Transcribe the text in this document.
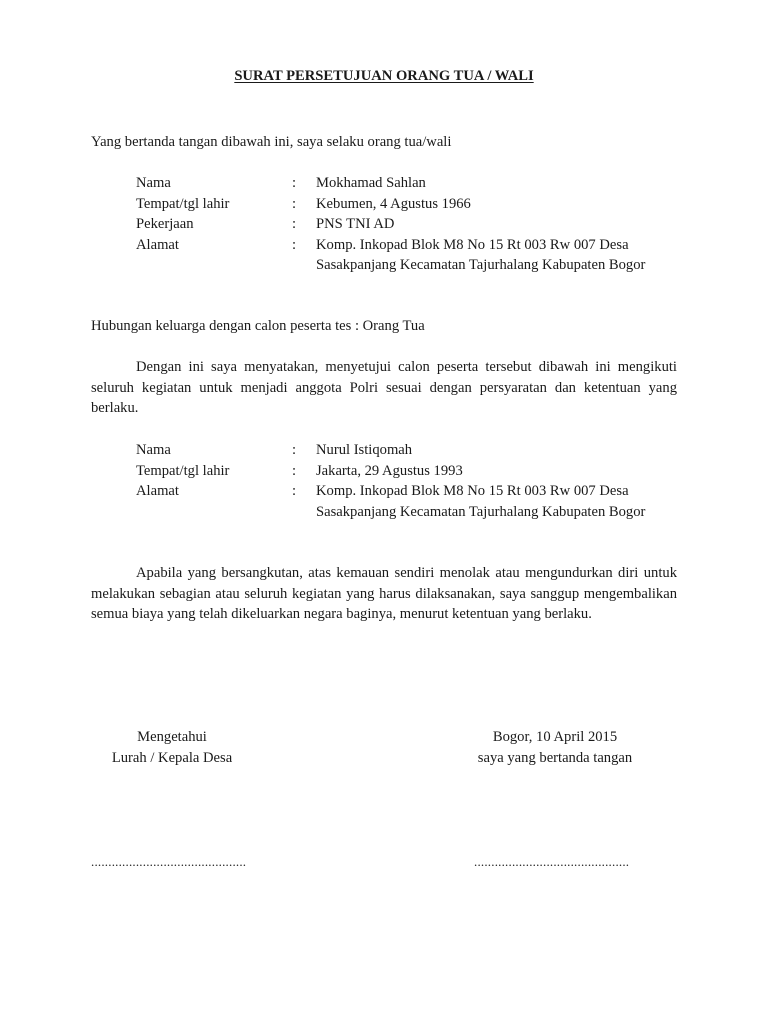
SURAT PERSETUJUAN ORANG TUA / WALI
Yang bertanda tangan dibawah ini, saya selaku orang tua/wali
Nama	:	Mokhamad Sahlan
Tempat/tgl lahir	:	Kebumen, 4 Agustus 1966
Pekerjaan	:	PNS TNI AD
Alamat	:	Komp. Inkopad Blok M8 No 15 Rt 003 Rw 007 Desa
Sasakpanjang Kecamatan Tajurhalang Kabupaten Bogor
Hubungan keluarga dengan calon peserta tes : Orang Tua
Dengan ini saya menyatakan, menyetujui calon peserta tersebut dibawah ini mengikuti seluruh kegiatan untuk menjadi anggota Polri sesuai dengan persyaratan dan ketentuan yang berlaku.
Nama	:	Nurul Istiqomah
Tempat/tgl lahir	:	Jakarta, 29 Agustus 1993
Alamat	:	Komp. Inkopad Blok M8 No 15 Rt 003 Rw 007 Desa
Sasakpanjang Kecamatan Tajurhalang Kabupaten Bogor
Apabila yang bersangkutan, atas kemauan sendiri menolak atau mengundurkan diri untuk melakukan sebagian atau seluruh kegiatan yang harus dilaksanakan, saya sanggup mengembalikan semua biaya yang telah dikeluarkan negara baginya, menurut ketentuan yang berlaku.
Mengetahui
Lurah / Kepala Desa
Bogor, 10 April 2015
saya yang bertanda tangan
.............................................	.............................................
